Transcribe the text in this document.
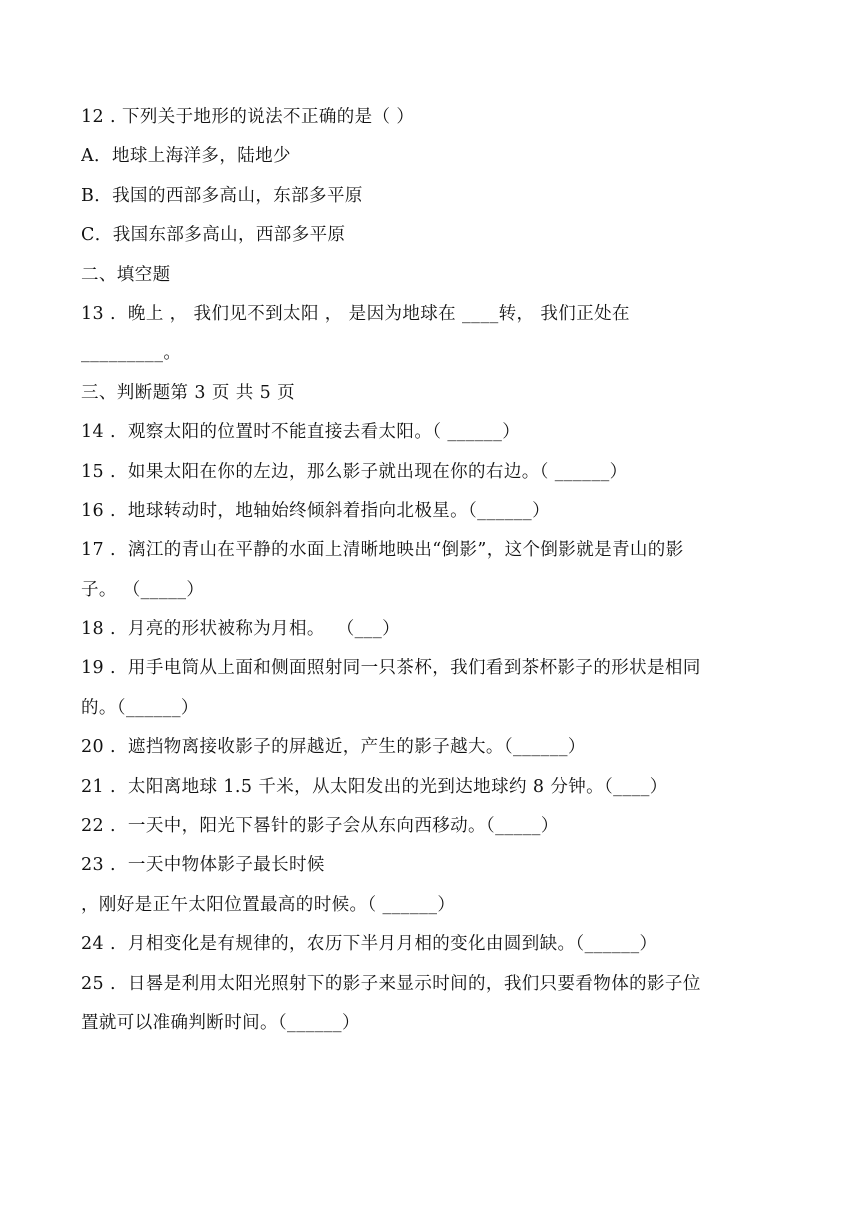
12 . 下列关于地形的说法不正确的是（ ）
A．地球上海洋多，陆地少
B．我国的西部多高山，东部多平原
C．我国东部多高山，西部多平原
二、填空题
13 .  晚上 ， 我们见不到太阳 ， 是因为地球在 ____转， 我们正处在
_________。
三、判断题第 3 页 共 5 页
14 .  观察太阳的位置时不能直接去看太阳。（ ______）
15 .  如果太阳在你的左边，那么影子就出现在你的右边。（ ______）
16 .  地球转动时，地轴始终倾斜着指向北极星。（______）
17 .  漓江的青山在平静的水面上清晰地映出“倒影”，这个倒影就是青山的影
子。 （_____）
18 .  月亮的形状被称为月相。  （___）
19 .  用手电筒从上面和侧面照射同一只茶杯，我们看到茶杯影子的形状是相同
的。（______）
20 .  遮挡物离接收影子的屏越近，产生的影子越大。（______）
21 .  太阳离地球 1.5 千米，从太阳发出的光到达地球约 8 分钟。（____）
22 .  一天中，阳光下晷针的影子会从东向西移动。（_____）
23 .  一天中物体影子最长时候
，刚好是正午太阳位置最高的时候。（ ______）
24 .  月相变化是有规律的，农历下半月月相的变化由圆到缺。（______）
25 .  日晷是利用太阳光照射下的影子来显示时间的，我们只要看物体的影子位
置就可以准确判断时间。（______）
